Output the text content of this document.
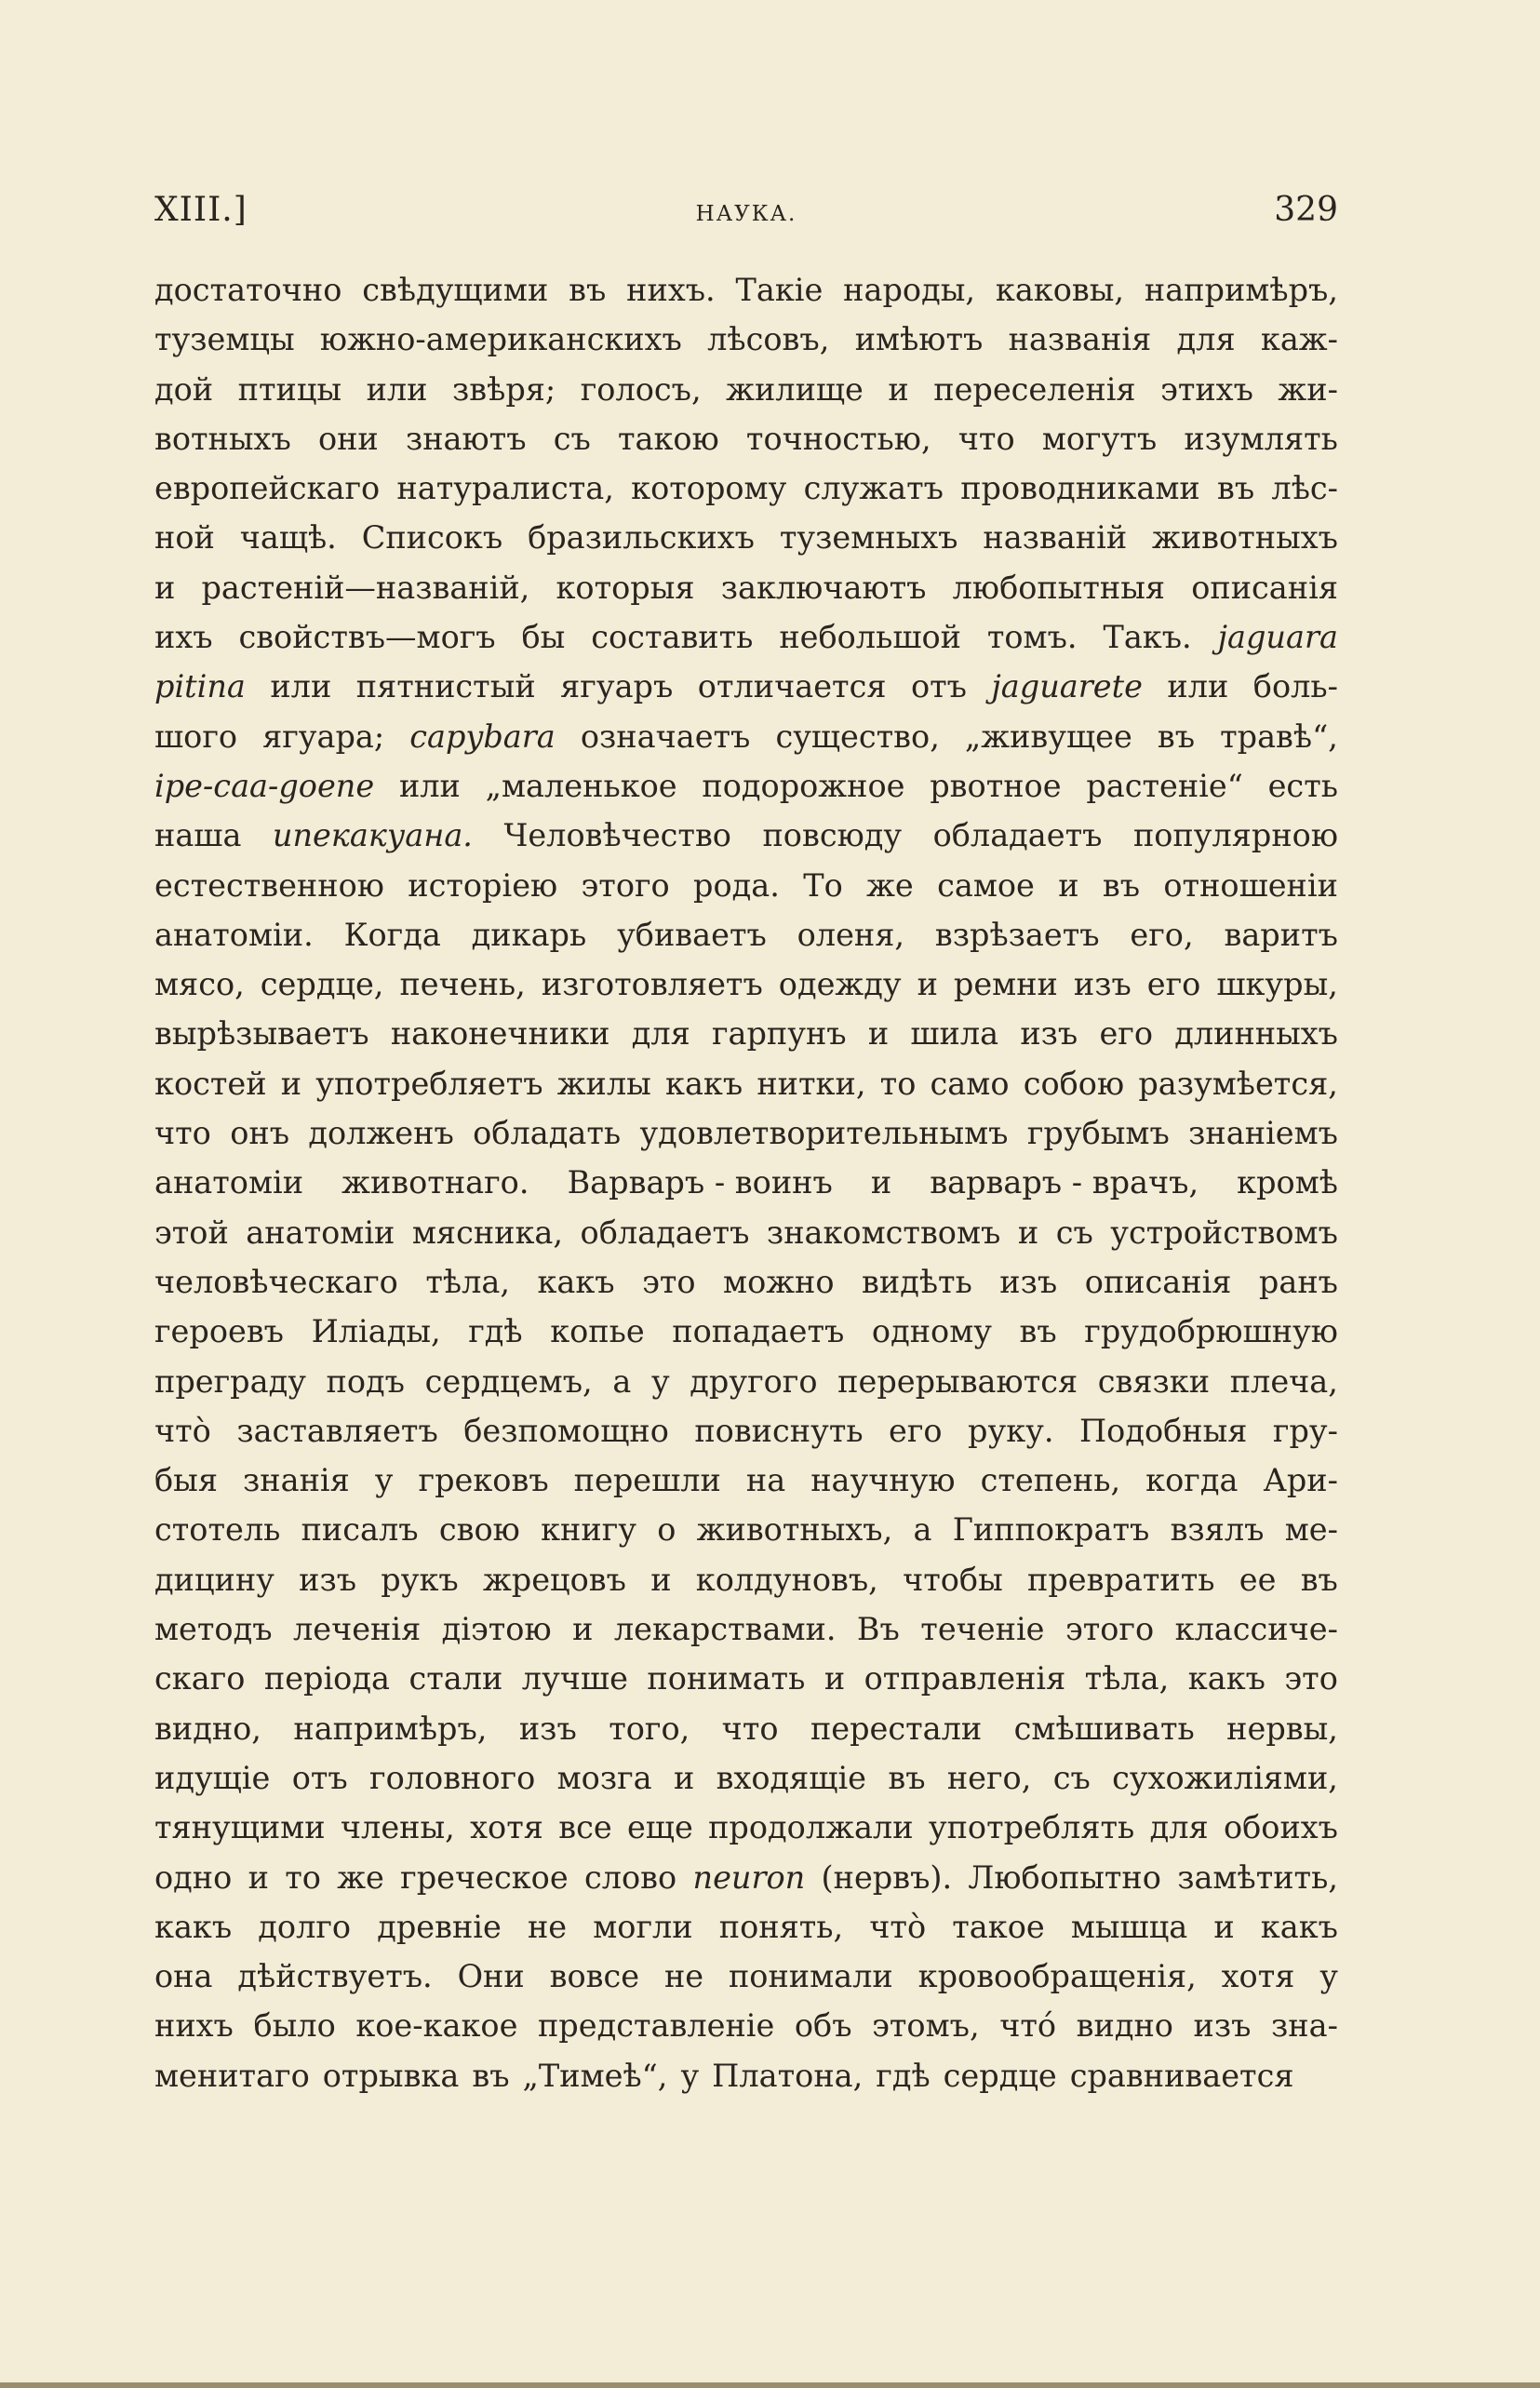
XIII.]	НАУКА.	329
достаточно свѣдущими въ нихъ. Такіе народы, каковы, напримѣръ,
туземцы южно-американскихъ лѣсовъ, имѣютъ названія для каж-
дой птицы или звѣря; голосъ, жилище и переселенія этихъ жи-
вотныхъ они знаютъ съ такою точностью, что могутъ изумлять
европейскаго натуралиста, которому служатъ проводниками въ лѣс-
ной чащѣ. Списокъ бразильскихъ туземныхъ названій животныхъ
и растеній—названій, которыя заключаютъ любопытныя описанія
ихъ свойствъ—могъ бы составить небольшой томъ. Такъ. jaguara
pitina или пятнистый ягуаръ отличается отъ jaguarete или боль-
шого ягуара; capybara означаетъ существо, „живущее въ травѣ“,
ipe-caa-goene или „маленькое подорожное рвотное растеніе“ есть
наша ипекакуана. Человѣчество повсюду обладаетъ популярною
естественною исторіею этого рода. То же самое и въ отношеніи
анатоміи. Когда дикарь убиваетъ оленя, взрѣзаетъ его, варитъ
мясо, сердце, печень, изготовляетъ одежду и ремни изъ его шкуры,
вырѣзываетъ наконечники для гарпунъ и шила изъ его длинныхъ
костей и употребляетъ жилы какъ нитки, то само собою разумѣется,
что онъ долженъ обладать удовлетворительнымъ грубымъ знаніемъ
анатоміи животнаго. Варваръ - воинъ и варваръ - врачъ, кромѣ
этой анатоміи мясника, обладаетъ знакомствомъ и съ устройствомъ
человѣческаго тѣла, какъ это можно видѣть изъ описанія ранъ
героевъ Иліады, гдѣ копье попадаетъ одному въ грудобрюшную
преграду подъ сердцемъ, а у другого перерываются связки плеча,
что̀ заставляетъ безпомощно повиснуть его руку. Подобныя гру-
быя знанія у грековъ перешли на научную степень, когда Ари-
стотель писалъ свою книгу о животныхъ, а Гиппократъ взялъ ме-
дицину изъ рукъ жрецовъ и колдуновъ, чтобы превратить ее въ
методъ леченія діэтою и лекарствами. Въ теченіе этого классиче-
скаго періода стали лучше понимать и отправленія тѣла, какъ это
видно, напримѣръ, изъ того, что перестали смѣшивать нервы,
идущіе отъ головного мозга и входящіе въ него, съ сухожиліями,
тянущими члены, хотя все еще продолжали употреблять для обоихъ
одно и то же греческое слово neuron (нервъ). Любопытно замѣтить,
какъ долго древніе не могли понять, что̀ такое мышца и какъ
она дѣйствуетъ. Они вовсе не понимали кровообращенія, хотя у
нихъ было кое-какое представленіе объ этомъ, что́ видно изъ зна-
менитаго отрывка въ „Тимеѣ“, у Платона, гдѣ сердце сравнивается
